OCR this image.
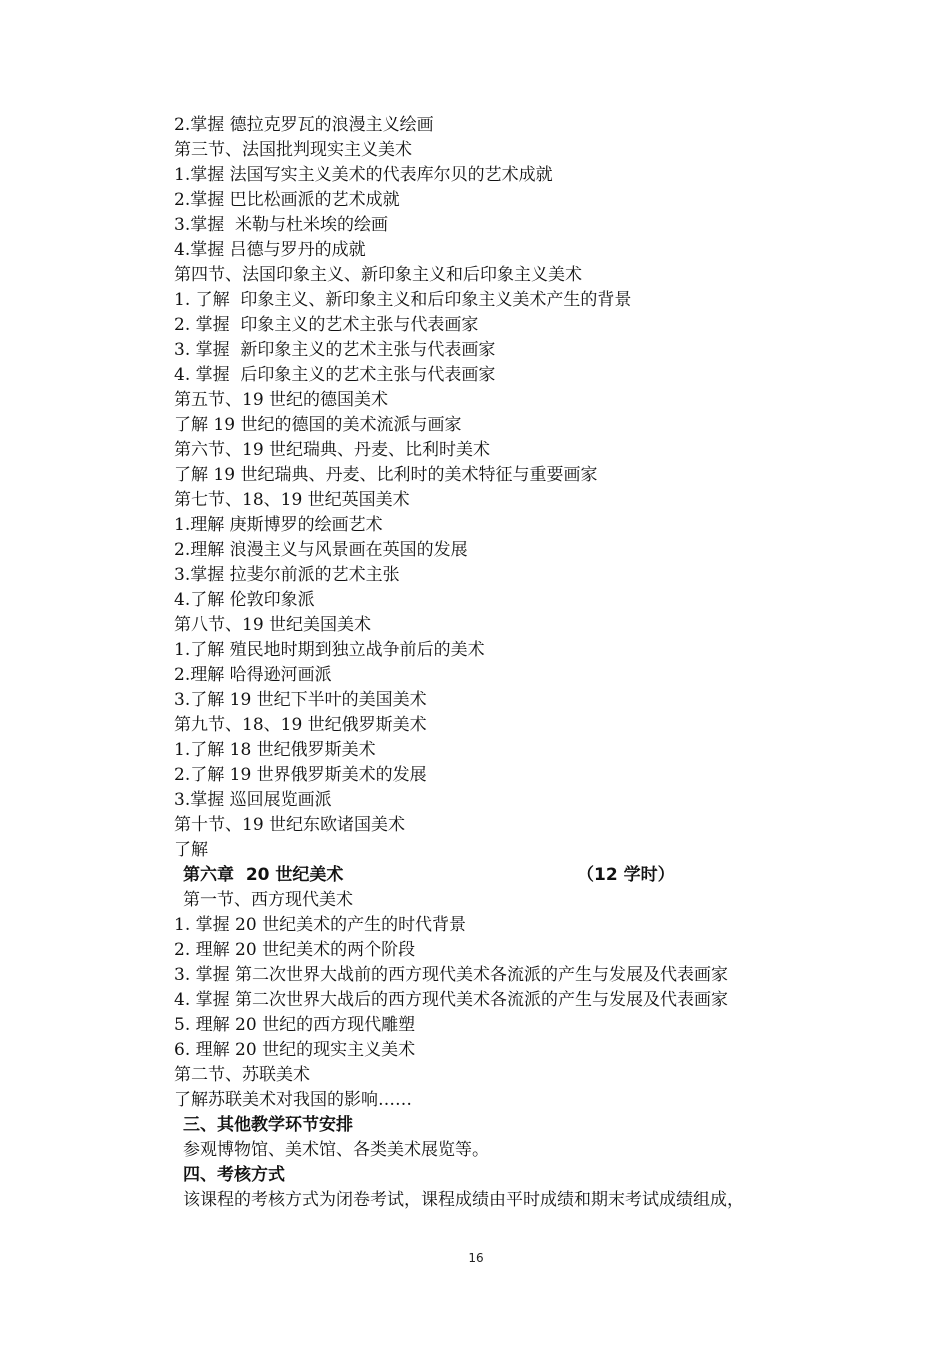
2.掌握 德拉克罗瓦的浪漫主义绘画
第三节、法国批判现实主义美术
1.掌握 法国写实主义美术的代表库尔贝的艺术成就
2.掌握 巴比松画派的艺术成就
3.掌握  米勒与杜米埃的绘画
4.掌握 吕德与罗丹的成就
第四节、法国印象主义、新印象主义和后印象主义美术
1. 了解  印象主义、新印象主义和后印象主义美术产生的背景
2. 掌握  印象主义的艺术主张与代表画家
3. 掌握  新印象主义的艺术主张与代表画家
4. 掌握  后印象主义的艺术主张与代表画家
第五节、19 世纪的德国美术
了解 19 世纪的德国的美术流派与画家
第六节、19 世纪瑞典、丹麦、比利时美术
了解 19 世纪瑞典、丹麦、比利时的美术特征与重要画家
第七节、18、19 世纪英国美术
1.理解 庚斯博罗的绘画艺术
2.理解 浪漫主义与风景画在英国的发展
3.掌握 拉斐尔前派的艺术主张
4.了解 伦敦印象派
第八节、19 世纪美国美术
1.了解 殖民地时期到独立战争前后的美术
2.理解 哈得逊河画派
3.了解 19 世纪下半叶的美国美术
第九节、18、19 世纪俄罗斯美术
1.了解 18 世纪俄罗斯美术
2.了解 19 世界俄罗斯美术的发展
3.掌握 巡回展览画派
第十节、19 世纪东欧诸国美术
了解
第六章  20 世纪美术	（12 学时）
第一节、西方现代美术
1. 掌握 20 世纪美术的产生的时代背景
2. 理解 20 世纪美术的两个阶段
3. 掌握 第二次世界大战前的西方现代美术各流派的产生与发展及代表画家
4. 掌握 第二次世界大战后的西方现代美术各流派的产生与发展及代表画家
5. 理解 20 世纪的西方现代雕塑
6. 理解 20 世纪的现实主义美术
第二节、苏联美术
了解苏联美术对我国的影响……
三、其他教学环节安排
参观博物馆、美术馆、各类美术展览等。
四、考核方式
该课程的考核方式为闭卷考试，课程成绩由平时成绩和期末考试成绩组成，
16
